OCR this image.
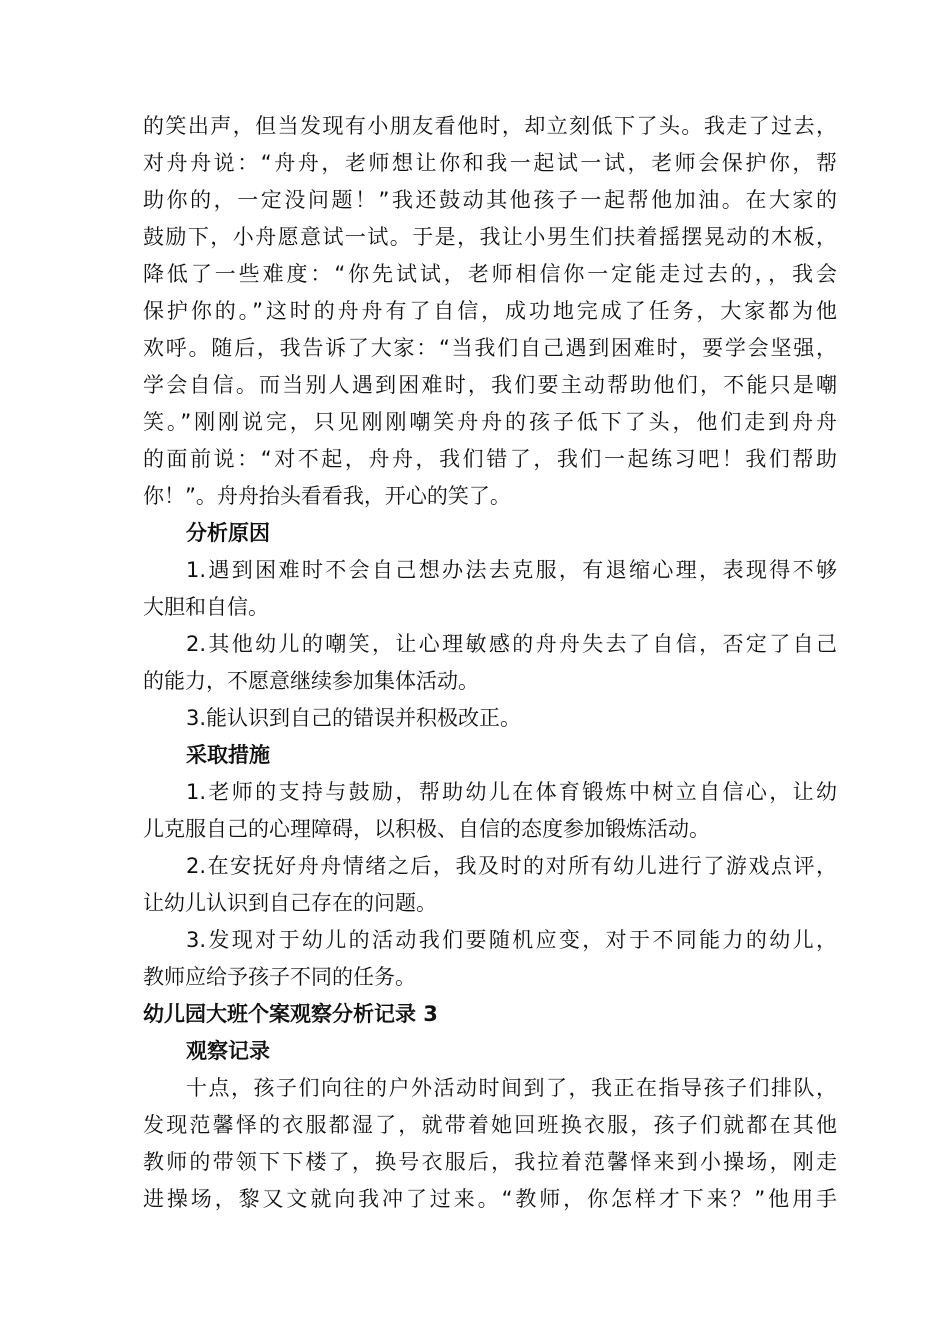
的笑出声，但当发现有小朋友看他时，却立刻低下了头。我走了过去，
对舟舟说：“舟舟，老师想让你和我一起试一试，老师会保护你，帮
助你的，一定没问题！”我还鼓动其他孩子一起帮他加油。在大家的
鼓励下，小舟愿意试一试。于是，我让小男生们扶着摇摆晃动的木板，
降低了一些难度：“你先试试，老师相信你一定能走过去的，，我会
保护你的。”这时的舟舟有了自信，成功地完成了任务，大家都为他
欢呼。随后，我告诉了大家：“当我们自己遇到困难时，要学会坚强，
学会自信。而当别人遇到困难时，我们要主动帮助他们，不能只是嘲
笑。”刚刚说完，只见刚刚嘲笑舟舟的孩子低下了头，他们走到舟舟
的面前说：“对不起，舟舟，我们错了，我们一起练习吧！我们帮助
你！”。舟舟抬头看看我，开心的笑了。
分析原因
1.遇到困难时不会自己想办法去克服，有退缩心理，表现得不够
大胆和自信。
2.其他幼儿的嘲笑，让心理敏感的舟舟失去了自信，否定了自己
的能力，不愿意继续参加集体活动。
3.能认识到自己的错误并积极改正。
采取措施
1.老师的支持与鼓励，帮助幼儿在体育锻炼中树立自信心，让幼
儿克服自己的心理障碍，以积极、自信的态度参加锻炼活动。
2.在安抚好舟舟情绪之后，我及时的对所有幼儿进行了游戏点评，
让幼儿认识到自己存在的问题。
3.发现对于幼儿的活动我们要随机应变，对于不同能力的幼儿，
教师应给予孩子不同的任务。
幼儿园大班个案观察分析记录 3
观察记录
十点，孩子们向往的户外活动时间到了，我正在指导孩子们排队，
发现范馨怿的衣服都湿了，就带着她回班换衣服，孩子们就都在其他
教师的带领下下楼了，换号衣服后，我拉着范馨怿来到小操场，刚走
进操场，黎又文就向我冲了过来。“教师，你怎样才下来？”他用手
